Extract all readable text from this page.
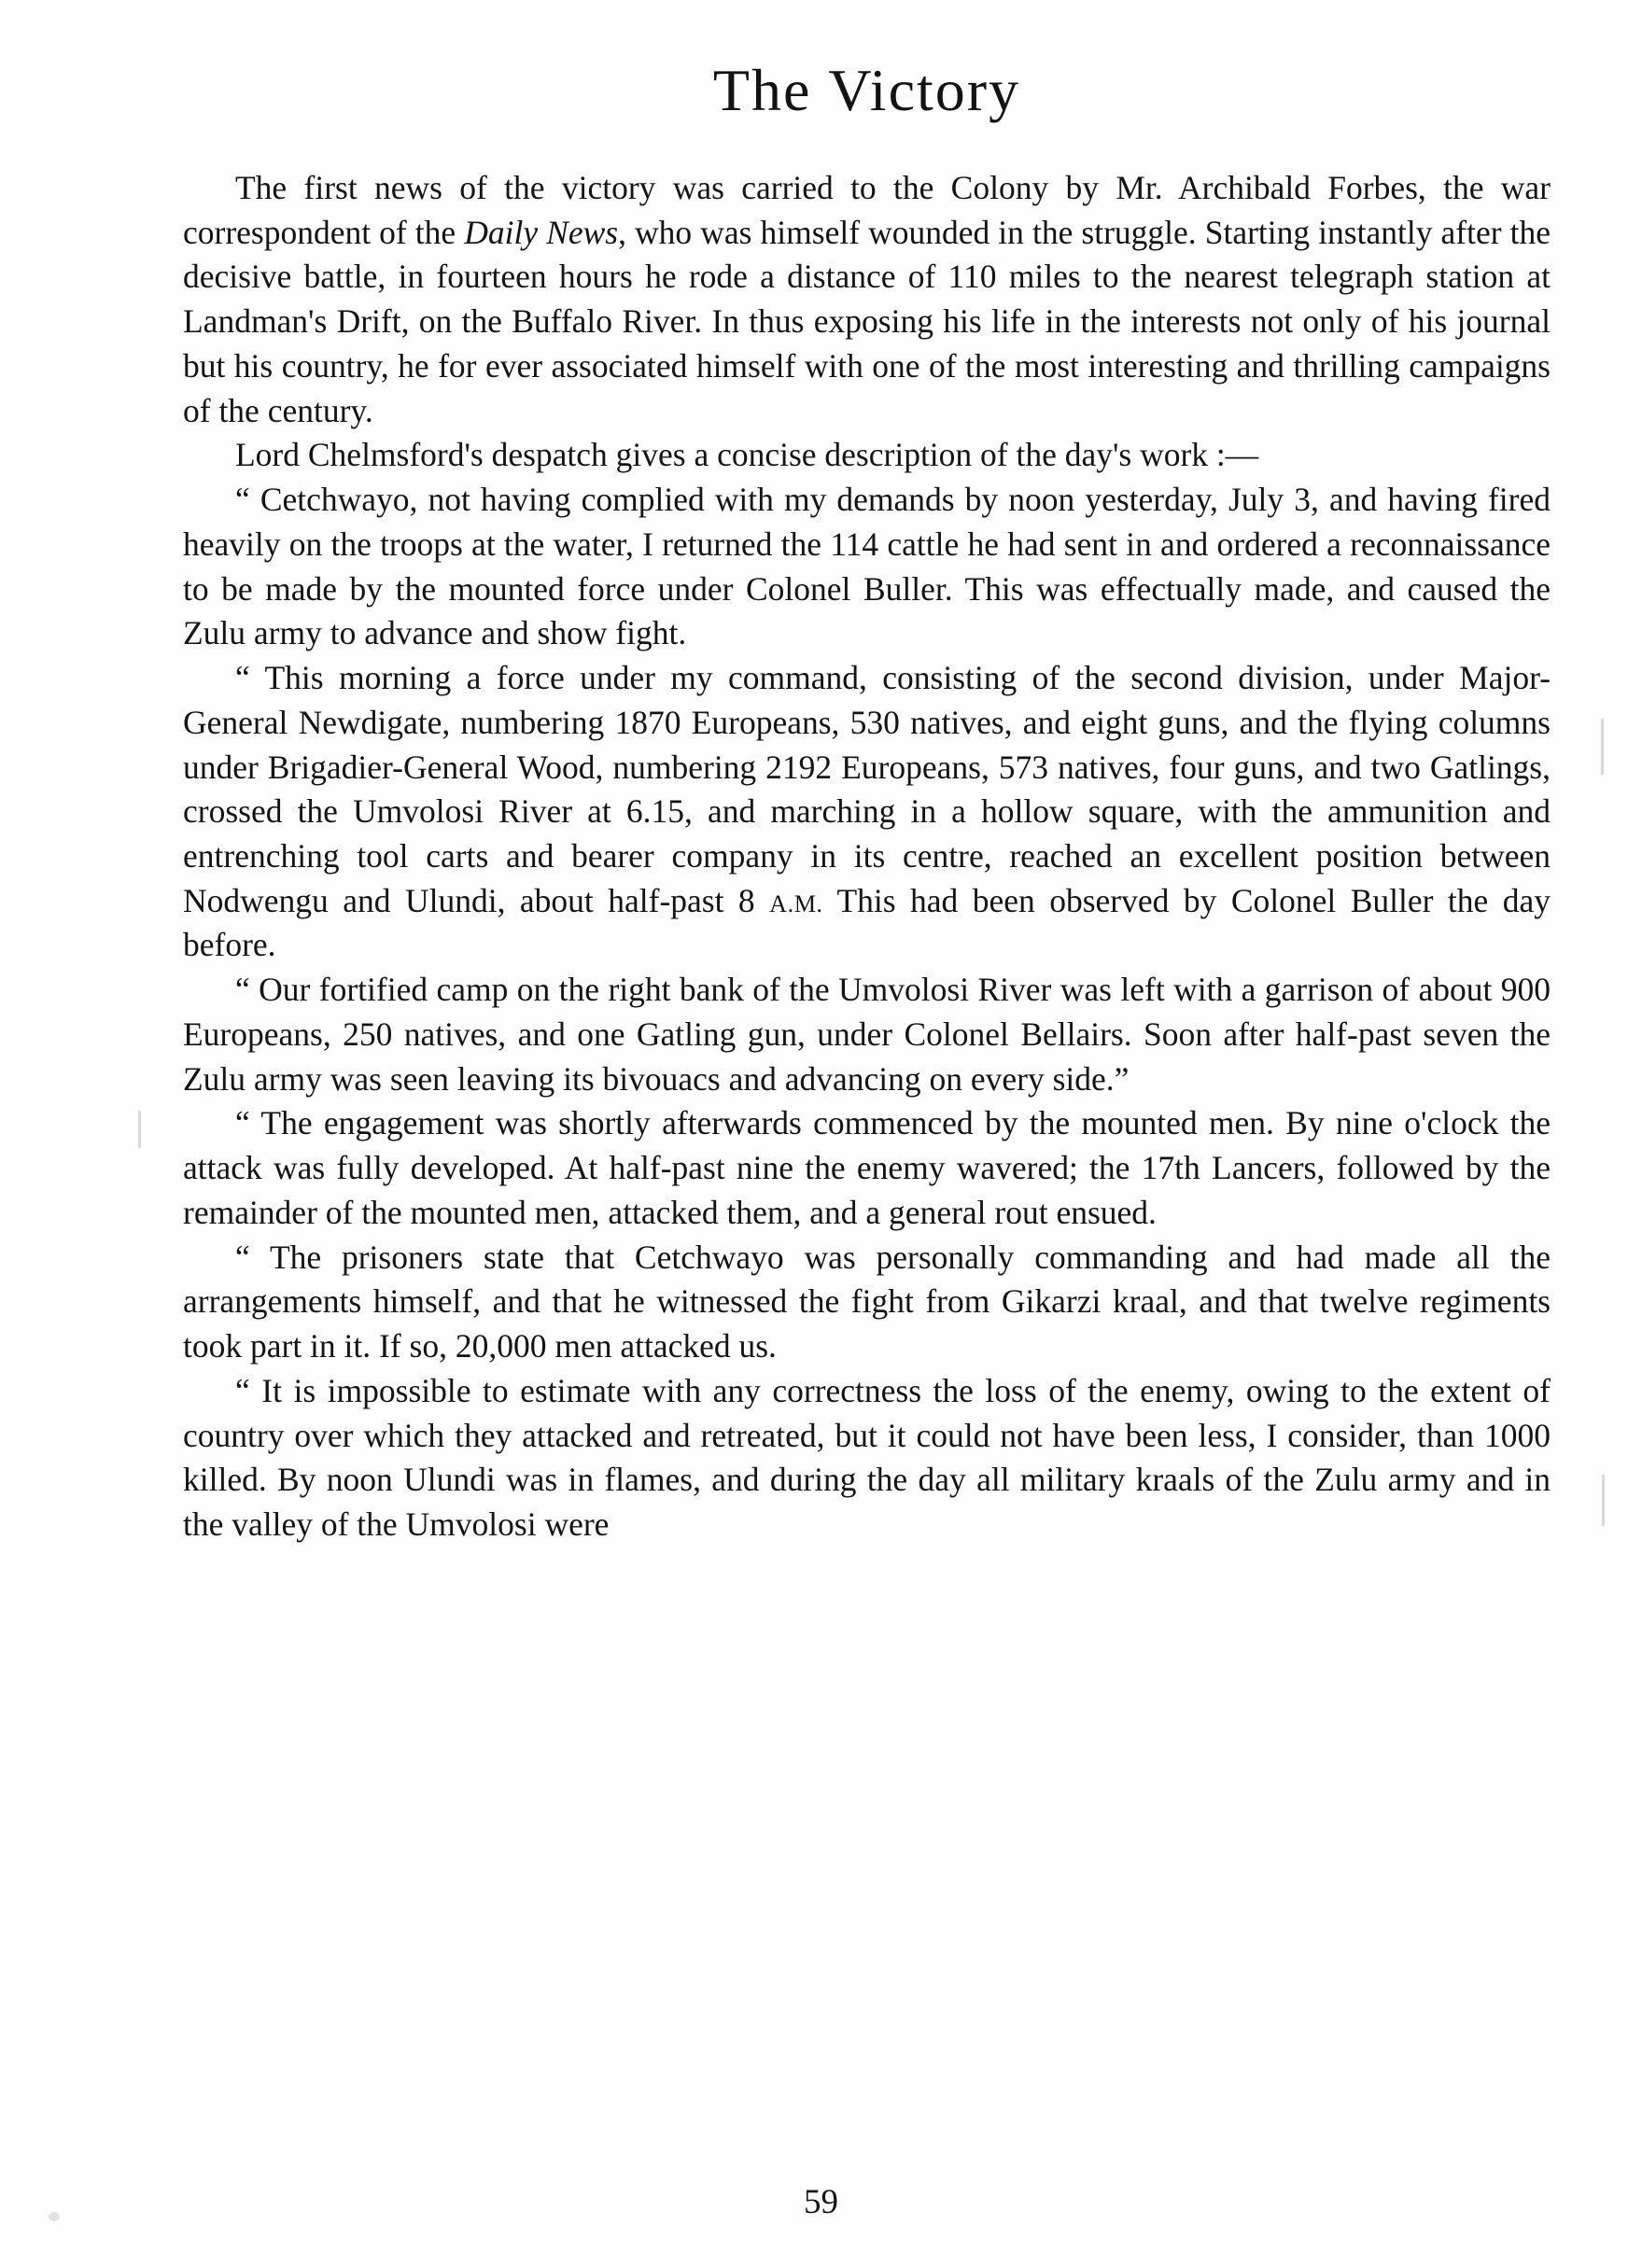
The Victory

The first news of the victory was carried to the Colony by Mr. Archibald Forbes, the war correspondent of the Daily News, who was himself wounded in the struggle. Starting instantly after the decisive battle, in fourteen hours he rode a distance of 110 miles to the nearest telegraph station at Landman's Drift, on the Buffalo River. In thus exposing his life in the interests not only of his journal but his country, he for ever associated himself with one of the most interesting and thrilling campaigns of the century.

Lord Chelmsford's despatch gives a concise description of the day's work :—

“ Cetchwayo, not having complied with my demands by noon yesterday, July 3, and having fired heavily on the troops at the water, I returned the 114 cattle he had sent in and ordered a reconnaissance to be made by the mounted force under Colonel Buller. This was effectually made, and caused the Zulu army to advance and show fight.

“ This morning a force under my command, consisting of the second division, under Major-General Newdigate, numbering 1870 Europeans, 530 natives, and eight guns, and the flying columns under Brigadier-General Wood, numbering 2192 Europeans, 573 natives, four guns, and two Gatlings, crossed the Umvolosi River at 6.15, and marching in a hollow square, with the ammunition and entrenching tool carts and bearer company in its centre, reached an excellent position between Nodwengu and Ulundi, about half-past 8 A.M. This had been observed by Colonel Buller the day before.

“ Our fortified camp on the right bank of the Umvolosi River was left with a garrison of about 900 Europeans, 250 natives, and one Gatling gun, under Colonel Bellairs. Soon after half-past seven the Zulu army was seen leaving its bivouacs and advancing on every side.”

“ The engagement was shortly afterwards commenced by the mounted men. By nine o'clock the attack was fully developed. At half-past nine the enemy wavered; the 17th Lancers, followed by the remainder of the mounted men, attacked them, and a general rout ensued.

“ The prisoners state that Cetchwayo was personally commanding and had made all the arrangements himself, and that he witnessed the fight from Gikarzi kraal, and that twelve regiments took part in it. If so, 20,000 men attacked us.

“ It is impossible to estimate with any correctness the loss of the enemy, owing to the extent of country over which they attacked and retreated, but it could not have been less, I consider, than 1000 killed. By noon Ulundi was in flames, and during the day all military kraals of the Zulu army and in the valley of the Umvolosi were

59
